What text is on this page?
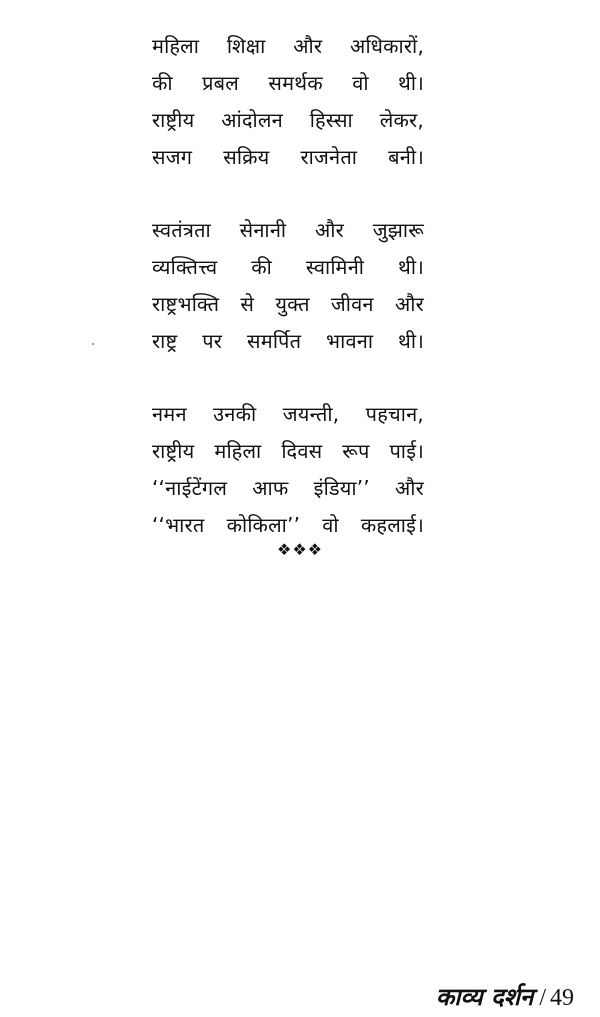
महिला शिक्षा और अधिकारों,
की प्रबल समर्थक वो थी।
राष्ट्रीय आंदोलन हिस्सा लेकर,
सजग सक्रिय राजनेता बनी।
स्वतंत्रता सेनानी और जुझारू
व्यक्तित्त्व की स्वामिनी थी।
राष्ट्रभक्ति से युक्त जीवन और
राष्ट्र पर समर्पित भावना थी।
नमन उनकी जयन्ती, पहचान,
राष्ट्रीय महिला दिवस रूप पाई।
‘‘नाईटेंगल आफ इंडिया’’ और
‘‘भारत कोकिला’’ वो कहलाई।
❖❖❖
काव्य दर्शन / 49
